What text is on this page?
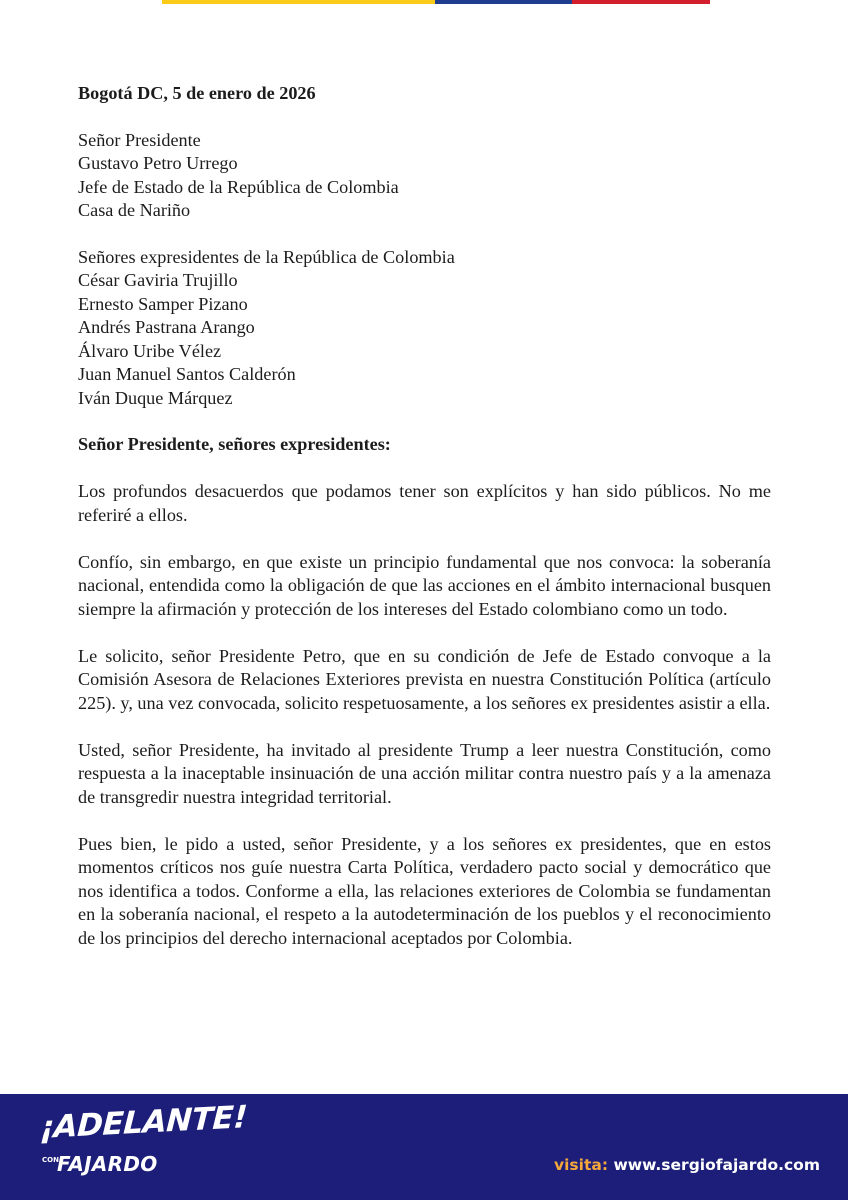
Bogotá DC, 5 de enero de 2026

Señor Presidente
Gustavo Petro Urrego
Jefe de Estado de la República de Colombia
Casa de Nariño
Señores expresidentes de la República de Colombia
César Gaviria Trujillo
Ernesto Samper Pizano
Andrés Pastrana Arango
Álvaro Uribe Vélez
Juan Manuel Santos Calderón
Iván Duque Márquez

Señor Presidente, señores expresidentes:

Los profundos desacuerdos que podamos tener son explícitos y han sido públicos. No me referiré a ellos.

Confío, sin embargo, en que existe un principio fundamental que nos convoca: la soberanía nacional, entendida como la obligación de que las acciones en el ámbito internacional busquen siempre la afirmación y protección de los intereses del Estado colombiano como un todo.

Le solicito, señor Presidente Petro, que en su condición de Jefe de Estado convoque a la Comisión Asesora de Relaciones Exteriores prevista en nuestra Constitución Política (artículo 225). y, una vez convocada, solicito respetuosamente, a los señores ex presidentes asistir a ella.

Usted, señor Presidente, ha invitado al presidente Trump a leer nuestra Constitución, como respuesta a la inaceptable insinuación de una acción militar contra nuestro país y a la amenaza de transgredir nuestra integridad territorial.

Pues bien, le pido a usted, señor Presidente, y a los señores ex presidentes, que en estos momentos críticos nos guíe nuestra Carta Política, verdadero pacto social y democrático que nos identifica a todos. Conforme a ella, las relaciones exteriores de Colombia se fundamentan en la soberanía nacional, el respeto a la autodeterminación de los pueblos y el reconocimiento de los principios del derecho internacional aceptados por Colombia.

¡ADELANTE!
CON
FAJARDO	visita: www.sergiofajardo.com
